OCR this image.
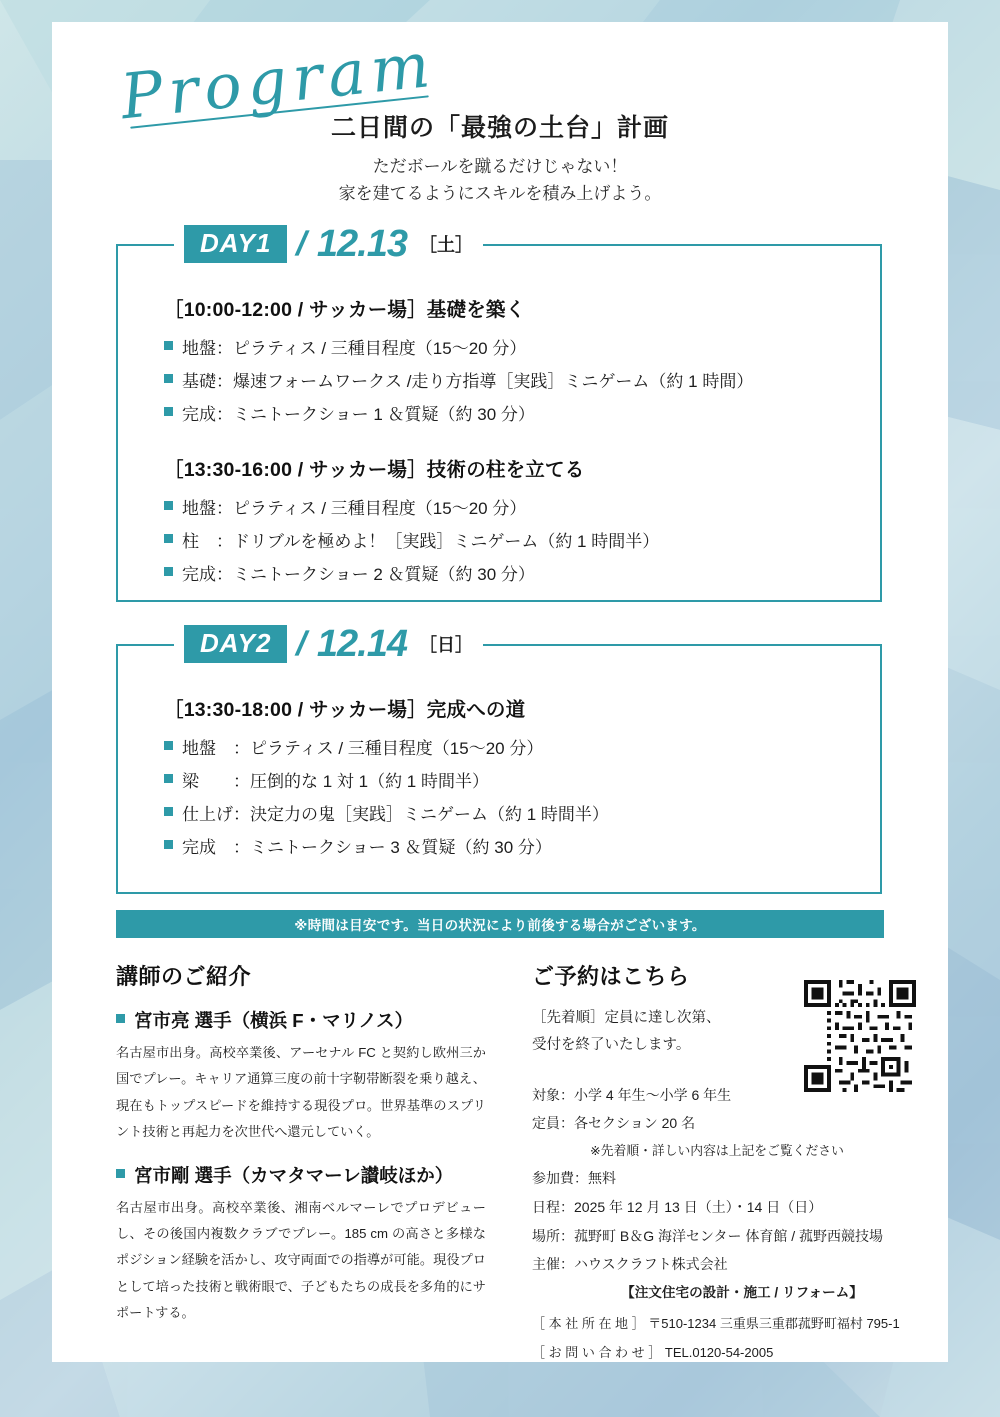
Program
二日間の「最強の土台」計画
ただボールを蹴るだけじゃない！
家を建てるようにスキルを積み上げよう。
DAY1 / 12.13 ［土］
［10:00-12:00 / サッカー場］基礎を築く
地盤：ピラティス / 三種目程度（15〜20 分）
基礎：爆速フォームワークス /走り方指導［実践］ミニゲーム（約 1 時間）
完成：ミニトークショー 1 ＆質疑（約 30 分）
［13:30-16:00 / サッカー場］技術の柱を立てる
地盤：ピラティス / 三種目程度（15〜20 分）
柱　：ドリブルを極めよ！［実践］ミニゲーム（約 1 時間半）
完成：ミニトークショー 2 ＆質疑（約 30 分）
DAY2 / 12.14 ［日］
［13:30-18:00 / サッカー場］完成への道
地盤　：ピラティス / 三種目程度（15〜20 分）
梁　　：圧倒的な 1 対 1（約 1 時間半）
仕上げ：決定力の鬼［実践］ミニゲーム（約 1 時間半）
完成　：ミニトークショー 3 ＆質疑（約 30 分）
※時間は目安です。当日の状況により前後する場合がございます。
講師のご紹介
宮市亮 選手（横浜 F・マリノス）
名古屋市出身。高校卒業後、アーセナル FC と契約し欧州三か国でプレー。キャリア通算三度の前十字靭帯断裂を乗り越え、現在もトップスピードを維持する現役プロ。世界基準のスプリント技術と再起力を次世代へ還元していく。
宮市剛 選手（カマタマーレ讃岐ほか）
名古屋市出身。高校卒業後、湘南ベルマーレでプロデビューし、その後国内複数クラブでプレー。185 cm の高さと多様なポジション経験を活かし、攻守両面での指導が可能。現役プロとして培った技術と戦術眼で、子どもたちの成長を多角的にサポートする。
ご予約はこちら
［先着順］定員に達し次第、
受付を終了いたします。
対象：小学 4 年生〜小学 6 年生
定員：各セクション 20 名
※先着順・詳しい内容は上記をご覧ください
参加費：無料
日程：2025 年 12 月 13 日（土）・14 日（日）
場所：菰野町 B＆G 海洋センター 体育館 / 菰野西競技場
主催：ハウスクラフト株式会社
【注文住宅の設計・施工 / リフォーム】
［ 本 社 所 在 地 ］ 〒510-1234 三重県三重郡菰野町福村 795-1
［ お 問 い 合 わ せ ］ TEL.0120-54-2005
